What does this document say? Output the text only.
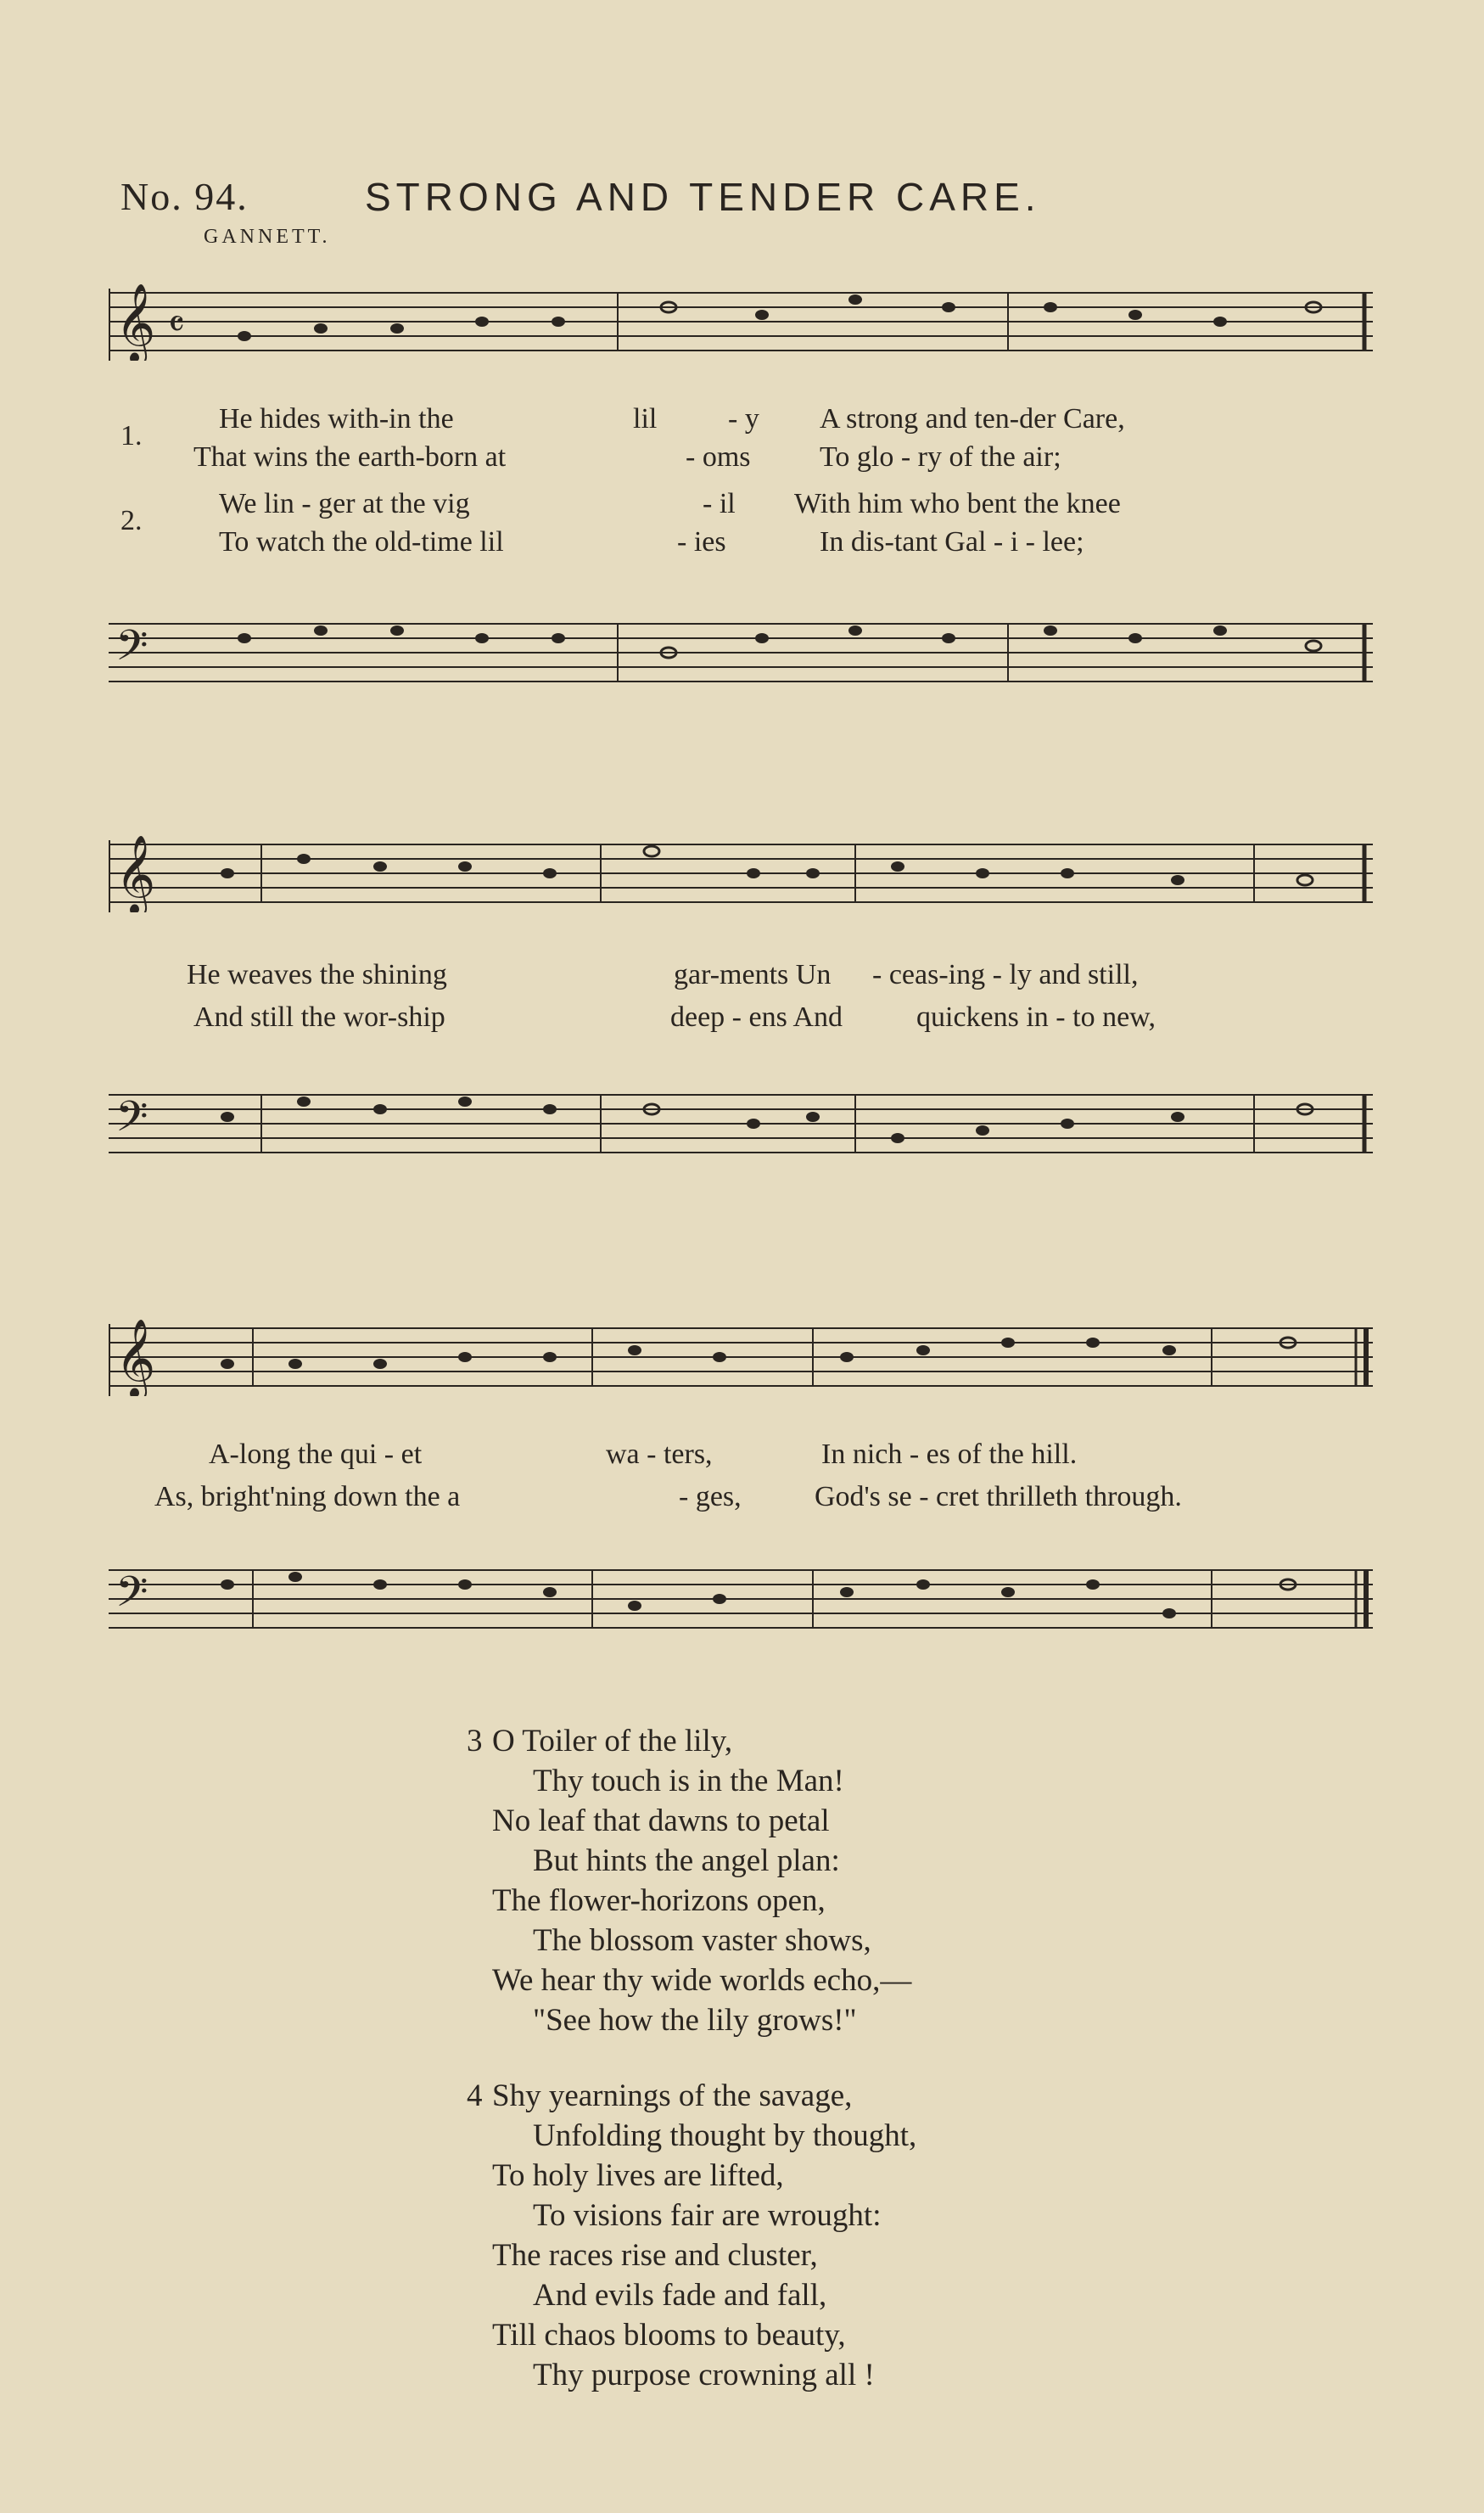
No. 94.	STRONG AND TENDER CARE.
GANNETT.
𝄞 𝄴
1.
2.
He hides with-in the	lil - y A strong and ten-der Care,
That wins the earth-born at	- oms To glo - ry of the air;
We lin - ger at the vig	- il With him who bent the knee
To watch the old-time lil	- ies	In dis-tant Gal - i - lee;
𝄢
𝄞
He weaves the shining	gar-ments Un - ceas-ing - ly and still,
And still the wor-ship	deep - ens And	quickens in - to new,
𝄢
𝄞
A-long the qui - et	wa - ters,	In nich - es of the hill.
As, bright'ning down the a	- ges,	God's se - cret thrilleth through.
𝄢
3 O Toiler of the lily,
Thy touch is in the Man!
No leaf that dawns to petal
But hints the angel plan:
The flower-horizons open,
The blossom vaster shows,
We hear thy wide worlds echo,—
"See how the lily grows!"
4 Shy yearnings of the savage,
Unfolding thought by thought,
To holy lives are lifted,
To visions fair are wrought:
The races rise and cluster,
And evils fade and fall,
Till chaos blooms to beauty,
Thy purpose crowning all !
